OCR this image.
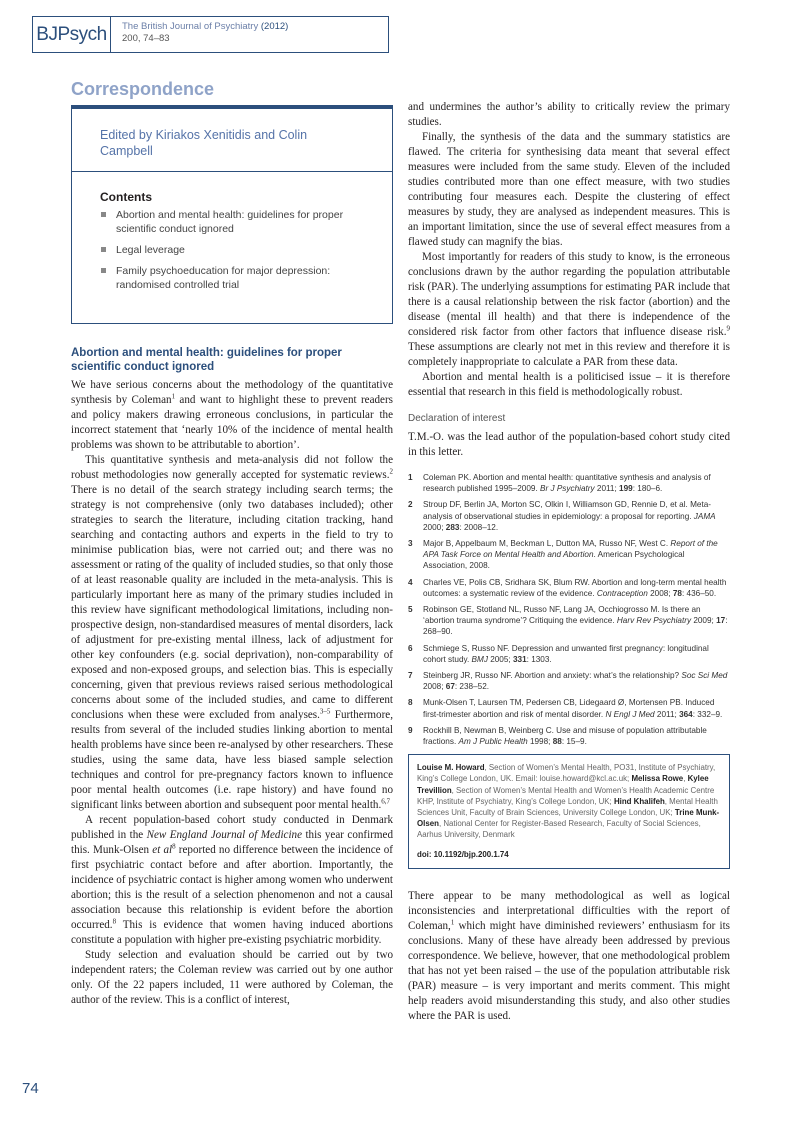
BJPsych	The British Journal of Psychiatry (2012)
200, 74–83
Correspondence
Edited by Kiriakos Xenitidis and Colin Campbell
Contents
Abortion and mental health: guidelines for proper scientific conduct ignored
Legal leverage
Family psychoeducation for major depression: randomised controlled trial
Abortion and mental health: guidelines for proper scientific conduct ignored

We have serious concerns about the methodology of the quantitative synthesis by Coleman$^1$ and want to highlight these to prevent readers and policy makers drawing erroneous conclusions, in particular the incorrect statement that ‘nearly 10% of the incidence of mental health problems was shown to be attributable to abortion’.

This quantitative synthesis and meta-analysis did not follow the robust methodologies now generally accepted for systematic reviews.$^2$ There is no detail of the search strategy including search terms; the strategy is not comprehensive (only two databases included); other strategies to search the literature, including citation tracking, hand searching and contacting authors and experts in the field to try to minimise publication bias, were not carried out; and there was no assessment or rating of the quality of included studies, so that only those of at least reasonable quality are included in the meta-analysis. This is particularly important here as many of the primary studies included in this review have significant methodological limitations, including non-prospective design, non-standardised measures of mental disorders, lack of adjustment for pre-existing mental illness, lack of adjustment for other key confounders (e.g. social deprivation), non-comparability of exposed and non-exposed groups, and selection bias. This is especially concerning, given that previous reviews raised serious methodological concerns about some of the included studies, and came to different conclusions when these were excluded from analyses.$^{3-5}$ Furthermore, results from several of the included studies linking abortion to mental health problems have since been re-analysed by other researchers. These studies, using the same data, have less biased sample selection techniques and control for pre-pregnancy factors known to influence poor mental health outcomes (i.e. rape history) and have found no significant links between abortion and subsequent poor mental health.$^{6,7}$

A recent population-based cohort study conducted in Denmark published in the New England Journal of Medicine this year confirmed this. Munk-Olsen et $al^8$ reported no difference between the incidence of first psychiatric contact before and after abortion. Importantly, the incidence of psychiatric contact is higher among women who underwent abortion; this is the result of a selection phenomenon and not a causal association because this relationship is evident before the abortion occurred.$^8$ This is evidence that women having induced abortions constitute a population with higher pre-existing psychiatric morbidity.

Study selection and evaluation should be carried out by two independent raters; the Coleman review was carried out by one author only. Of the 22 papers included, 11 were authored by Coleman, the author of the review. This is a conflict of interest,

and undermines the author’s ability to critically review the primary studies.

Finally, the synthesis of the data and the summary statistics are flawed. The criteria for synthesising data meant that several effect measures were included from the same study. Eleven of the included studies contributed more than one effect measure, with two studies contributing four measures each. Despite the clustering of effect measures by study, they are analysed as independent measures. This is an important limitation, since the use of several effect measures from a flawed study can magnify the bias.

Most importantly for readers of this study to know, is the erroneous conclusions drawn by the author regarding the population attributable risk (PAR). The underlying assumptions for estimating PAR include that there is a causal relationship between the risk factor (abortion) and the disease (mental ill health) and that there is independence of the considered risk factor from other factors that influence disease risk.$^9$ These assumptions are clearly not met in this review and therefore it is completely inappropriate to calculate a PAR from these data.

Abortion and mental health is a politicised issue – it is therefore essential that research in this field is methodologically robust.

Declaration of interest

T.M.-O. was the lead author of the population-based cohort study cited in this letter.

1	Coleman PK. Abortion and mental health: quantitative synthesis and analysis of research published 1995–2009. Br J Psychiatry 2011; 199: 180–6.
2	Stroup DF, Berlin JA, Morton SC, Olkin I, Williamson GD, Rennie D, et al. Meta-analysis of observational studies in epidemiology: a proposal for reporting. JAMA 2000; 283: 2008–12.
3	Major B, Appelbaum M, Beckman L, Dutton MA, Russo NF, West C. Report of the APA Task Force on Mental Health and Abortion. American Psychological Association, 2008.
4	Charles VE, Polis CB, Sridhara SK, Blum RW. Abortion and long-term mental health outcomes: a systematic review of the evidence. Contraception 2008; 78: 436–50.
5	Robinson GE, Stotland NL, Russo NF, Lang JA, Occhiogrosso M. Is there an ‘abortion trauma syndrome’? Critiquing the evidence. Harv Rev Psychiatry 2009; 17: 268–90.
6	Schmiege S, Russo NF. Depression and unwanted first pregnancy: longitudinal cohort study. BMJ 2005; 331: 1303.
7	Steinberg JR, Russo NF. Abortion and anxiety: what’s the relationship? Soc Sci Med 2008; 67: 238–52.
8	Munk-Olsen T, Laursen TM, Pedersen CB, Lidegaard Ø, Mortensen PB. Induced first-trimester abortion and risk of mental disorder. N Engl J Med 2011; 364: 332–9.
9	Rockhill B, Newman B, Weinberg C. Use and misuse of population attributable fractions. Am J Public Health 1998; 88: 15–9.
Louise M. Howard, Section of Women’s Mental Health, PO31, Institute of Psychiatry, King’s College London, UK. Email: louise.howard@kcl.ac.uk; Melissa Rowe, Kylee Trevillion, Section of Women’s Mental Health and Women’s Health Academic Centre KHP, Institute of Psychiatry, King’s College London, UK; Hind Khalifeh, Mental Health Sciences Unit, Faculty of Brain Sciences, University College London, UK; Trine Munk-Olsen, National Center for Register-Based Research, Faculty of Social Sciences, Aarhus University, Denmark
doi: 10.1192/bjp.200.1.74

There appear to be many methodological as well as logical inconsistencies and interpretational difficulties with the report of Coleman,$^1$ which might have diminished reviewers’ enthusiasm for its conclusions. Many of these have already been addressed by previous correspondence. We believe, however, that one methodological problem that has not yet been raised – the use of the population attributable risk (PAR) measure – is very important and merits comment. This might help readers avoid misunderstanding this study, and also other studies where the PAR is used.

74
